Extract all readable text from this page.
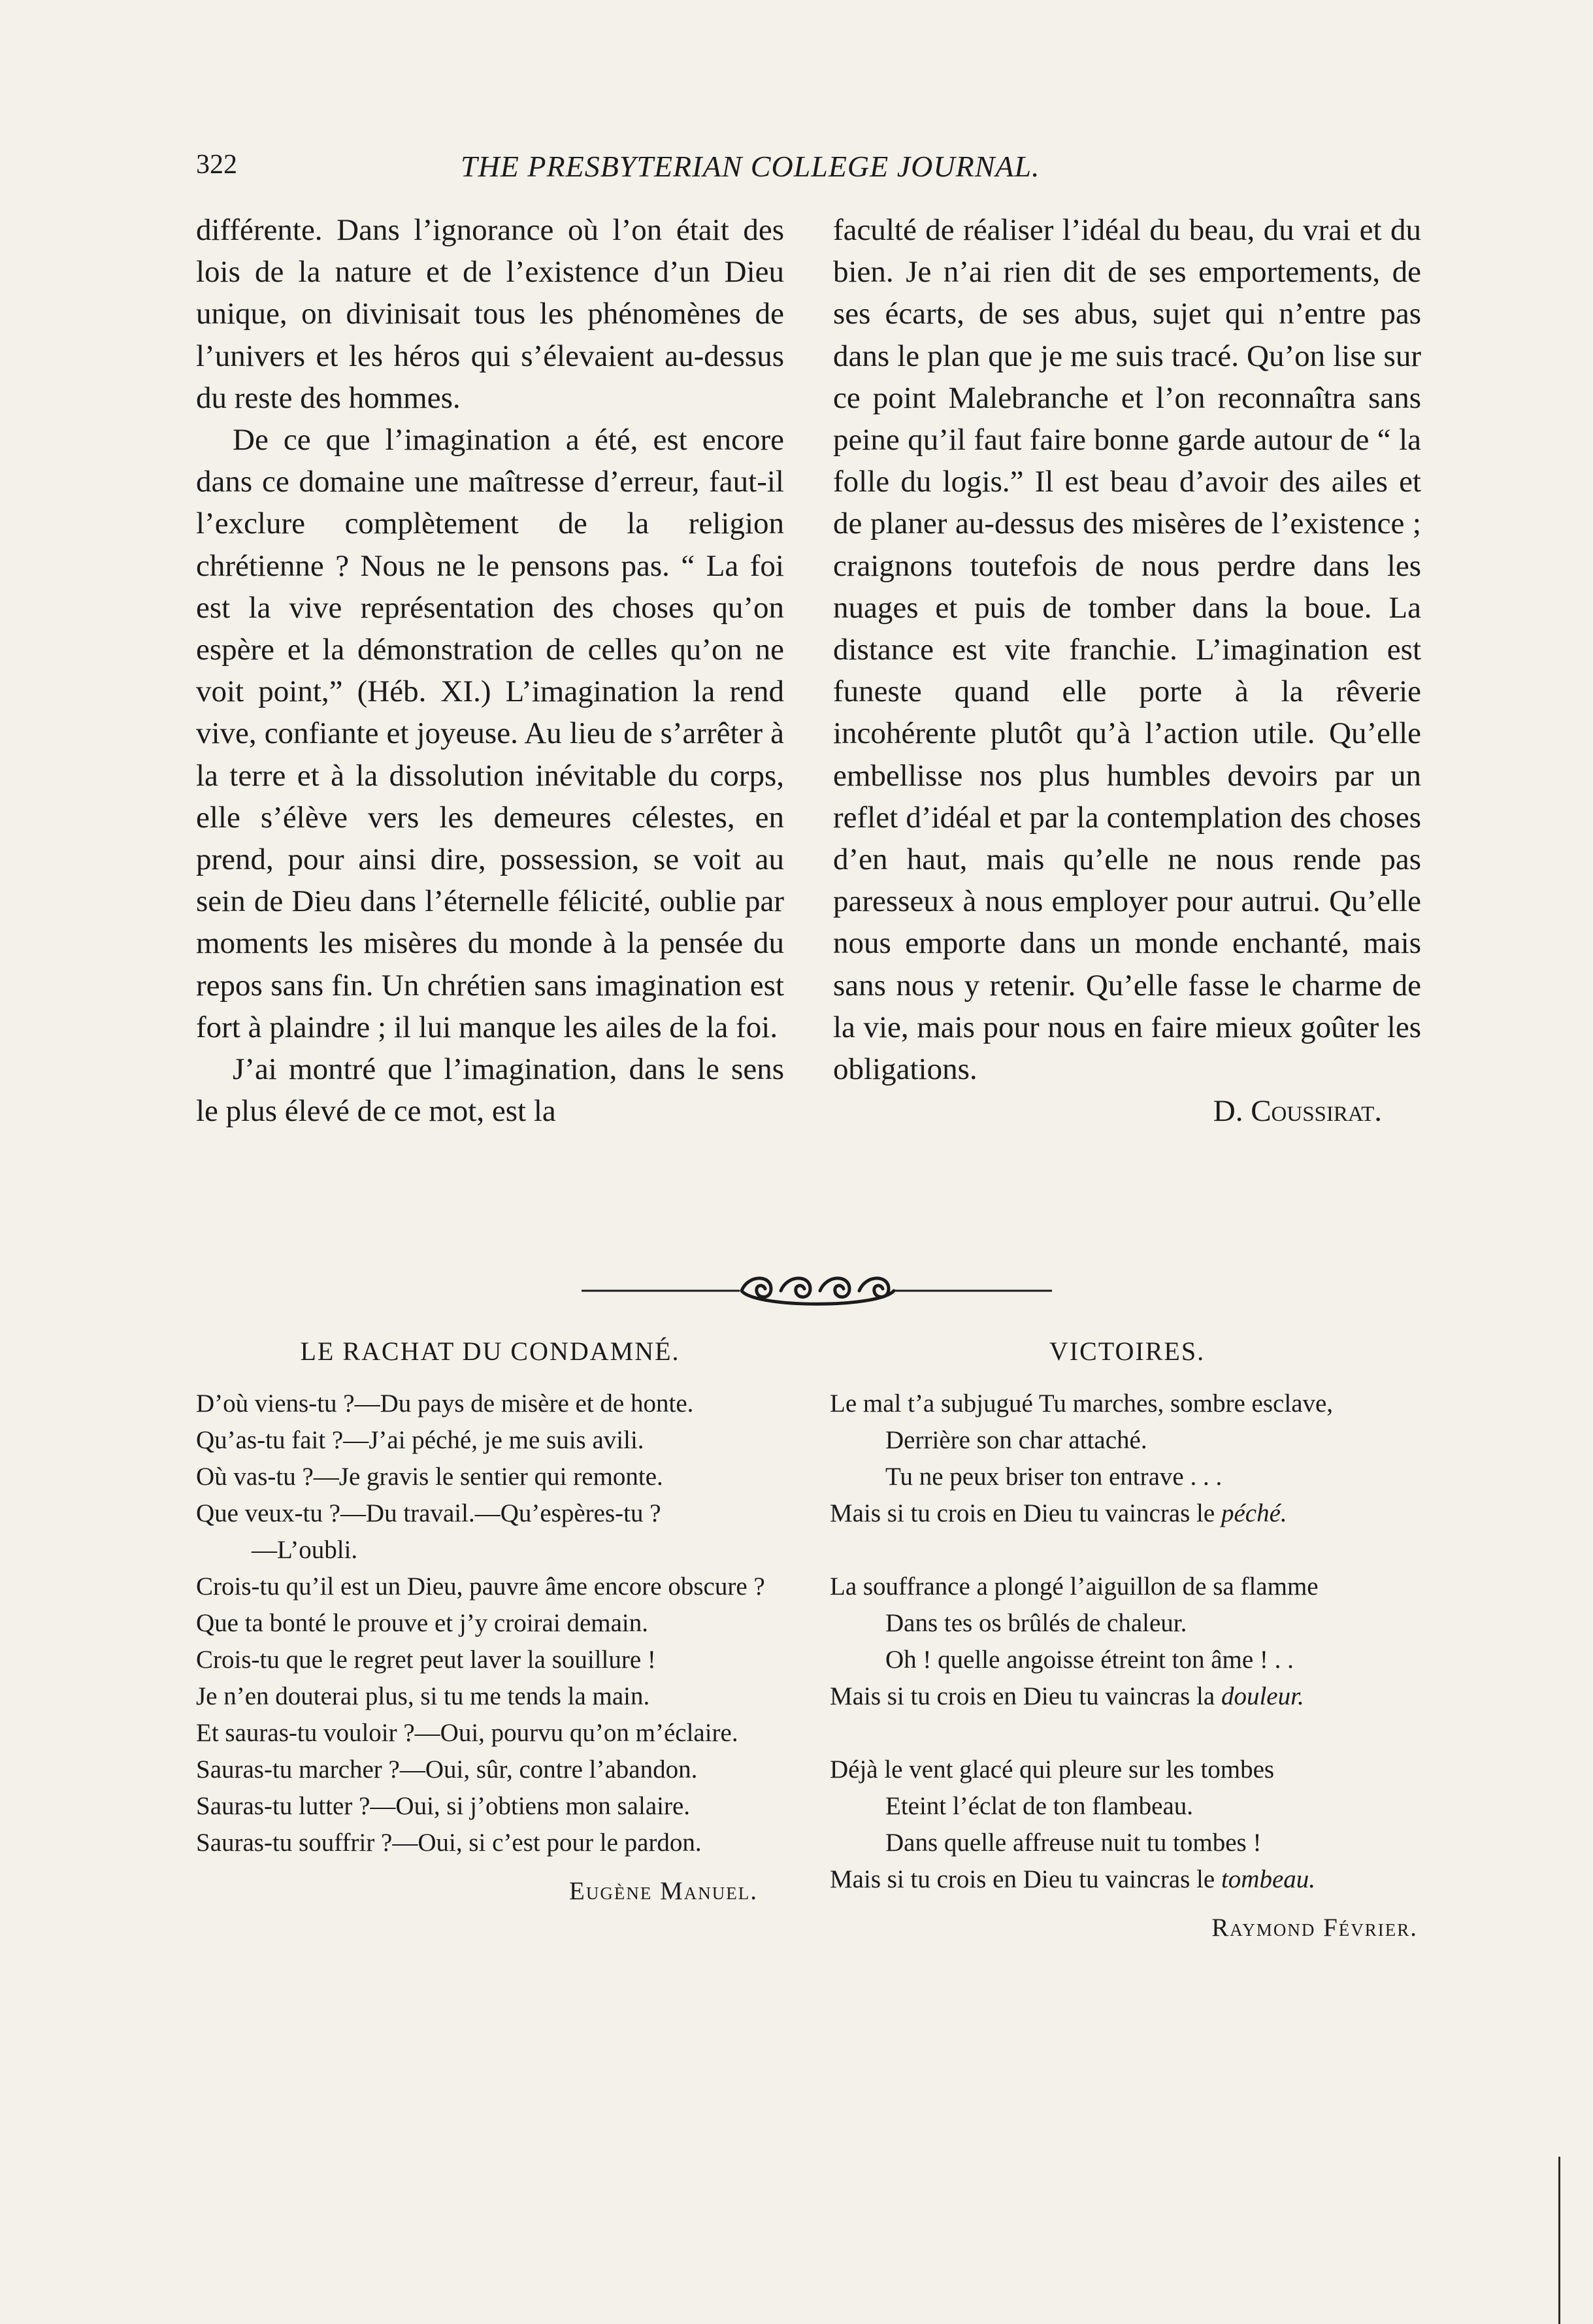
322	THE PRESBYTERIAN COLLEGE JOURNAL.

différente. Dans l’ignorance où l’on était des lois de la nature et de l’existence d’un Dieu unique, on divinisait tous les phénomènes de l’univers et les héros qui s’élevaient au-dessus du reste des hommes.

De ce que l’imagination a été, est encore dans ce domaine une maîtresse d’erreur, faut-il l’exclure complètement de la religion chrétienne ? Nous ne le pensons pas. “ La foi est la vive représentation des choses qu’on espère et la démonstration de celles qu’on ne voit point,” (Héb. XI.) L’imagination la rend vive, confiante et joyeuse. Au lieu de s’arrêter à la terre et à la dissolution inévitable du corps, elle s’élève vers les demeures célestes, en prend, pour ainsi dire, possession, se voit au sein de Dieu dans l’éternelle félicité, oublie par moments les misères du monde à la pensée du repos sans fin. Un chrétien sans imagination est fort à plaindre ; il lui manque les ailes de la foi.

J’ai montré que l’imagination, dans le sens le plus élevé de ce mot, est la

faculté de réaliser l’idéal du beau, du vrai et du bien. Je n’ai rien dit de ses emportements, de ses écarts, de ses abus, sujet qui n’entre pas dans le plan que je me suis tracé. Qu’on lise sur ce point Malebranche et l’on reconnaîtra sans peine qu’il faut faire bonne garde autour de “ la folle du logis.” Il est beau d’avoir des ailes et de planer au-dessus des misères de l’existence ; craignons toutefois de nous perdre dans les nuages et puis de tomber dans la boue. La distance est vite franchie. L’imagination est funeste quand elle porte à la rêverie incohérente plutôt qu’à l’action utile. Qu’elle embellisse nos plus humbles devoirs par un reflet d’idéal et par la contemplation des choses d’en haut, mais qu’elle ne nous rende pas paresseux à nous employer pour autrui. Qu’elle nous emporte dans un monde enchanté, mais sans nous y retenir. Qu’elle fasse le charme de la vie, mais pour nous en faire mieux goûter les obligations.

D. Coussirat.

LE RACHAT DU CONDAMNÉ.
D’où viens-tu ?—Du pays de misère et de honte.
Qu’as-tu fait ?—J’ai péché, je me suis avili.
Où vas-tu ?—Je gravis le sentier qui remonte.
Que veux-tu ?—Du travail.—Qu’espères-tu ?
—L’oubli.
Crois-tu qu’il est un Dieu, pauvre âme encore obscure ?
Que ta bonté le prouve et j’y croirai demain.
Crois-tu que le regret peut laver la souillure !
Je n’en douterai plus, si tu me tends la main.
Et sauras-tu vouloir ?—Oui, pourvu qu’on m’éclaire.
Sauras-tu marcher ?—Oui, sûr, contre l’abandon.
Sauras-tu lutter ?—Oui, si j’obtiens mon salaire.
Sauras-tu souffrir ?—Oui, si c’est pour le pardon.
Eugène Manuel.
VICTOIRES.
Le mal t’a subjugué Tu marches, sombre esclave,
Derrière son char attaché.
Tu ne peux briser ton entrave . . .
Mais si tu crois en Dieu tu vaincras le péché.
La souffrance a plongé l’aiguillon de sa flamme
Dans tes os brûlés de chaleur.
Oh ! quelle angoisse étreint ton âme ! . .
Mais si tu crois en Dieu tu vaincras la douleur.
Déjà le vent glacé qui pleure sur les tombes
Eteint l’éclat de ton flambeau.
Dans quelle affreuse nuit tu tombes !
Mais si tu crois en Dieu tu vaincras le tombeau.
Raymond Février.
